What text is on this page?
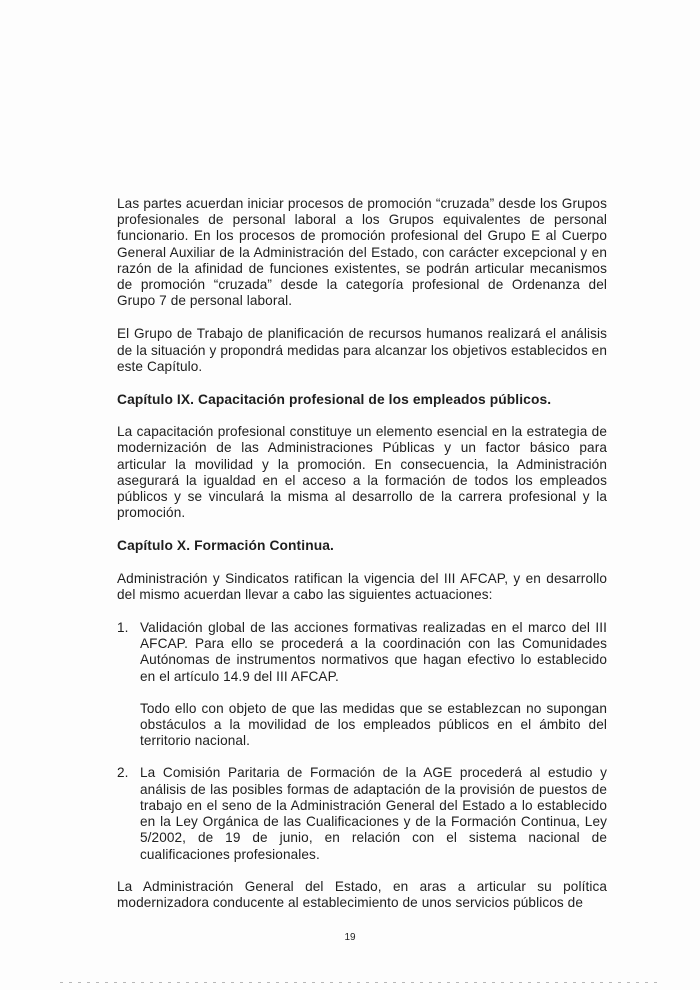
Las partes acuerdan iniciar procesos de promoción “cruzada” desde los Grupos profesionales de personal laboral a los Grupos equivalentes de personal funcionario. En los procesos de promoción profesional del Grupo E al Cuerpo General Auxiliar de la Administración del Estado, con carácter excepcional y en razón de la afinidad de funciones existentes, se podrán articular mecanismos de promoción “cruzada” desde la categoría profesional de Ordenanza del Grupo 7 de personal laboral.

El Grupo de Trabajo de planificación de recursos humanos realizará el análisis de la situación y propondrá medidas para alcanzar los objetivos establecidos en este Capítulo.

Capítulo IX. Capacitación profesional de los empleados públicos.

La capacitación profesional constituye un elemento esencial en la estrategia de modernización de las Administraciones Públicas y un factor básico para articular la movilidad y la promoción. En consecuencia, la Administración asegurará la igualdad en el acceso a la formación de todos los empleados públicos y se vinculará la misma al desarrollo de la carrera profesional y la promoción.

Capítulo X. Formación Continua.

Administración y Sindicatos ratifican la vigencia del III AFCAP, y en desarrollo del mismo acuerdan llevar a cabo las siguientes actuaciones:

1. Validación global de las acciones formativas realizadas en el marco del III AFCAP. Para ello se procederá a la coordinación con las Comunidades Autónomas de instrumentos normativos que hagan efectivo lo establecido en el artículo 14.9 del III AFCAP.
Todo ello con objeto de que las medidas que se establezcan no supongan obstáculos a la movilidad de los empleados públicos en el ámbito del territorio nacional.
2. La Comisión Paritaria de Formación de la AGE procederá al estudio y análisis de las posibles formas de adaptación de la provisión de puestos de trabajo en el seno de la Administración General del Estado a lo establecido en la Ley Orgánica de las Cualificaciones y de la Formación Continua, Ley 5/2002, de 19 de junio, en relación con el sistema nacional de cualificaciones profesionales.

La Administración General del Estado, en aras a articular su política modernizadora conducente al establecimiento de unos servicios públicos de

19
